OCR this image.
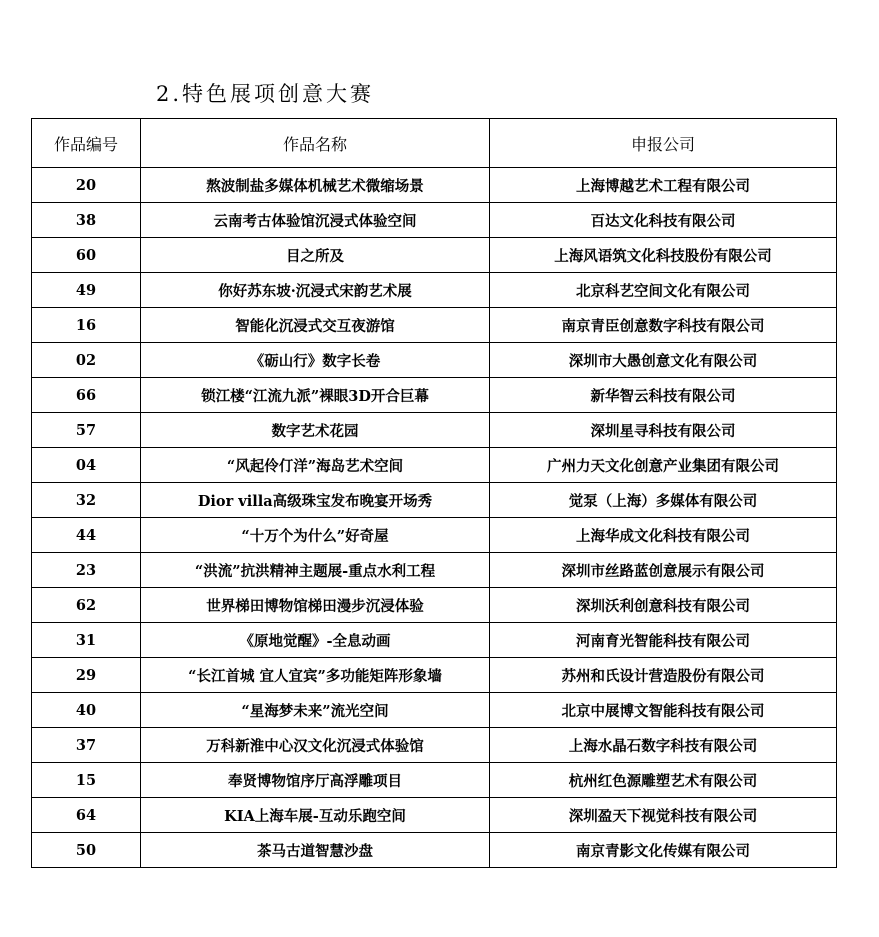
2.特色展项创意大赛
作品编号	作品名称	申报公司
20	熬波制盐多媒体机械艺术微缩场景	上海博越艺术工程有限公司
38	云南考古体验馆沉浸式体验空间	百达文化科技有限公司
60	目之所及	上海风语筑文化科技股份有限公司
49	你好苏东坡·沉浸式宋韵艺术展	北京科艺空间文化有限公司
16	智能化沉浸式交互夜游馆	南京青臣创意数字科技有限公司
02	《砺山行》数字长卷	深圳市大愚创意文化有限公司
66	锁江楼“江流九派”裸眼3D开合巨幕	新华智云科技有限公司
57	数字艺术花园	深圳星寻科技有限公司
04	“风起伶仃洋”海岛艺术空间	广州力天文化创意产业集团有限公司
32	Dior villa高级珠宝发布晚宴开场秀	觉泵（上海）多媒体有限公司
44	“十万个为什么”好奇屋	上海华成文化科技有限公司
23	“洪流”抗洪精神主题展-重点水利工程	深圳市丝路蓝创意展示有限公司
62	世界梯田博物馆梯田漫步沉浸体验	深圳沃利创意科技有限公司
31	《原地觉醒》-全息动画	河南育光智能科技有限公司
29	“长江首城 宜人宜宾”多功能矩阵形象墙	苏州和氏设计营造股份有限公司
40	“星海梦未来”流光空间	北京中展博文智能科技有限公司
37	万科新淮中心汉文化沉浸式体验馆	上海水晶石数字科技有限公司
15	奉贤博物馆序厅高浮雕项目	杭州红色源雕塑艺术有限公司
64	KIA上海车展-互动乐跑空间	深圳盈天下视觉科技有限公司
50	茶马古道智慧沙盘	南京青影文化传媒有限公司
